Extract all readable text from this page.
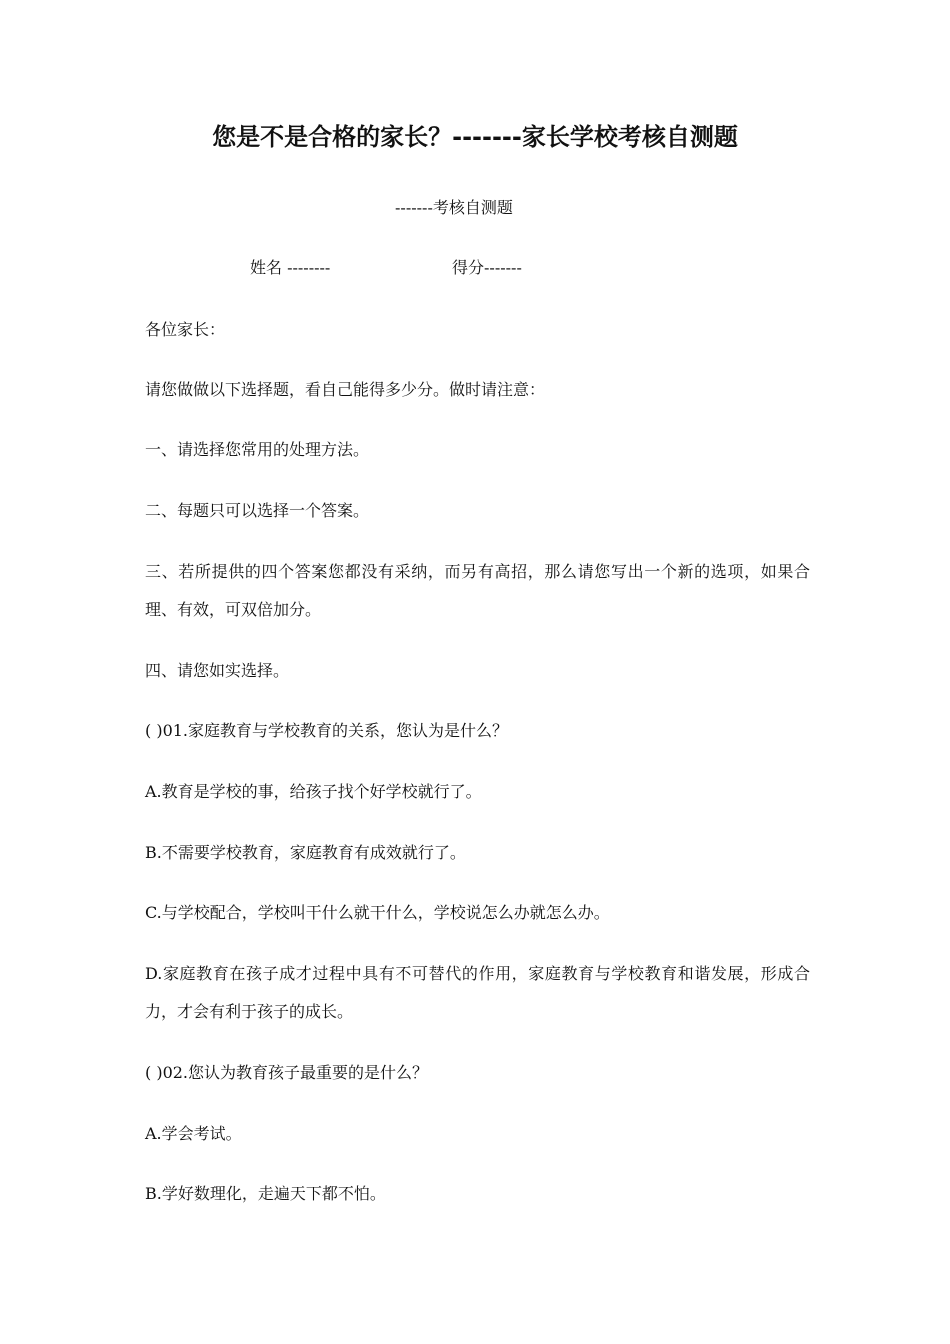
您是不是合格的家长？-------家长学校考核自测题
-------考核自测题
姓名 --------	得分-------
各位家长：
请您做做以下选择题，看自己能得多少分。做时请注意：
一、请选择您常用的处理方法。
二、每题只可以选择一个答案。
三、若所提供的四个答案您都没有采纳，而另有高招，那么请您写出一个新的选项，如果合理、有效，可双倍加分。
四、请您如实选择。
( )01.家庭教育与学校教育的关系，您认为是什么？
A.教育是学校的事，给孩子找个好学校就行了。
B.不需要学校教育，家庭教育有成效就行了。
C.与学校配合，学校叫干什么就干什么，学校说怎么办就怎么办。
D.家庭教育在孩子成才过程中具有不可替代的作用，家庭教育与学校教育和谐发展，形成合力，才会有利于孩子的成长。
( )02.您认为教育孩子最重要的是什么？
A.学会考试。
B.学好数理化，走遍天下都不怕。
